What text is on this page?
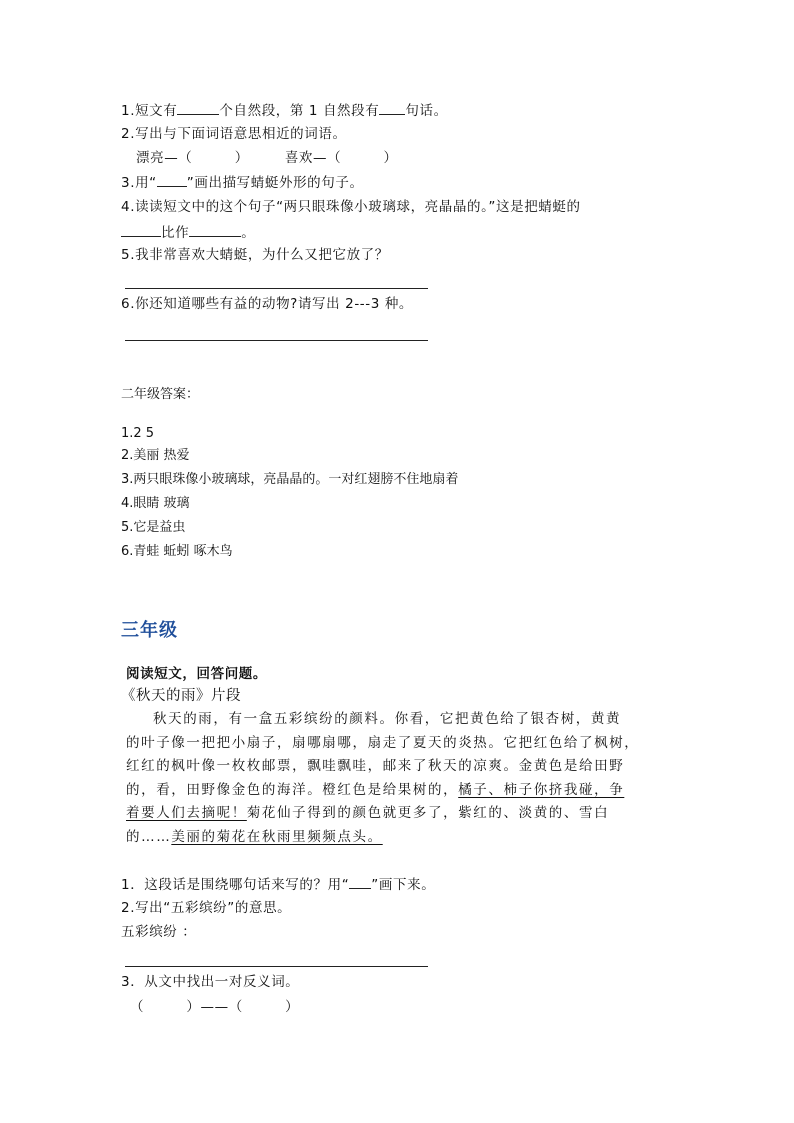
1.短文有	个自然段，第 1 自然段有 句话。
2.写出与下面词语意思相近的词语。
漂亮—（　　　）	喜欢—（　　　）
3.用“ ”画出描写蜻蜓外形的句子。
4.读读短文中的这个句子“两只眼珠像小玻璃球，亮晶晶的。”这是把蜻蜓的
比作	。
5.我非常喜欢大蜻蜓，为什么又把它放了？
6.你还知道哪些有益的动物?请写出 2---3 种。
二年级答案：
1.2 5
2.美丽 热爱
3.两只眼珠像小玻璃球，亮晶晶的。一对红翅膀不住地扇着
4.眼睛 玻璃
5.它是益虫
6.青蛙 蚯蚓 啄木鸟
三年级
阅读短文，回答问题。
《秋天的雨》片段

秋天的雨，有一盒五彩缤纷的颜料。你看，它把黄色给了银杏树，黄黄

的叶子像一把把小扇子，扇哪扇哪，扇走了夏天的炎热。它把红色给了枫树，

红红的枫叶像一枚枚邮票，飘哇飘哇，邮来了秋天的凉爽。金黄色是给田野

的，看，田野像金色的海洋。橙红色是给果树的，橘子、柿子你挤我碰，争

着要人们去摘呢！菊花仙子得到的颜色就更多了，紫红的、淡黄的、雪白

的……美丽的菊花在秋雨里频频点头。

1．这段话是围绕哪句话来写的？用“ ”画下来。
2.写出“五彩缤纷”的意思。
五彩缤纷 ：
3．从文中找出一对反义词。
（　　　）——（　　　）
